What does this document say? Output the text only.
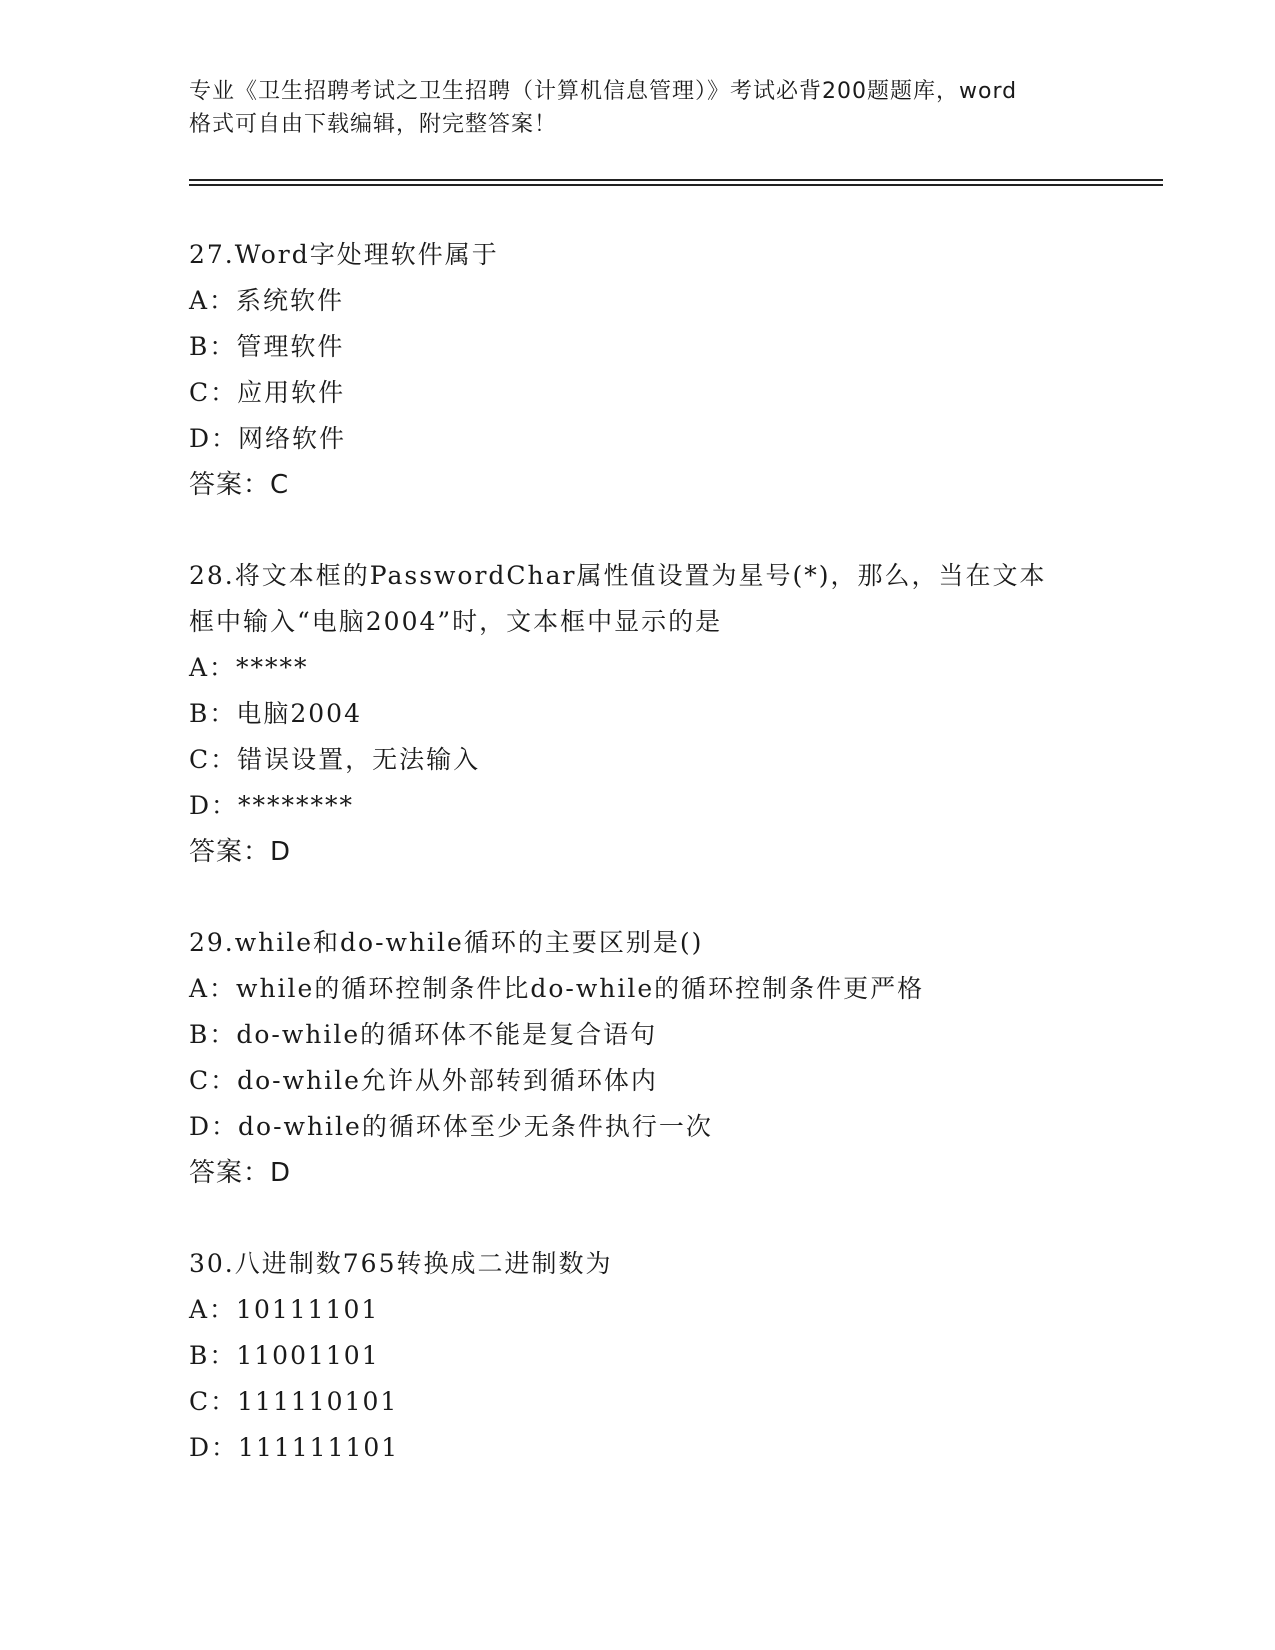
专业《卫生招聘考试之卫生招聘（计算机信息管理）》考试必背200题题库，word
格式可自由下载编辑，附完整答案！
27.Word字处理软件属于
A：系统软件
B：管理软件
C：应用软件
D：网络软件
答案：C
28.将文本框的PasswordChar属性值设置为星号(*)，那么，当在文本
框中输入“电脑2004”时，文本框中显示的是
A：*****
B：电脑2004
C：错误设置，无法输入
D：********
答案：D
29.while和do-while循环的主要区别是()
A：while的循环控制条件比do-while的循环控制条件更严格
B：do-while的循环体不能是复合语句
C：do-while允许从外部转到循环体内
D：do-while的循环体至少无条件执行一次
答案：D
30.八进制数765转换成二进制数为
A：10111101
B：11001101
C：111110101
D：111111101
